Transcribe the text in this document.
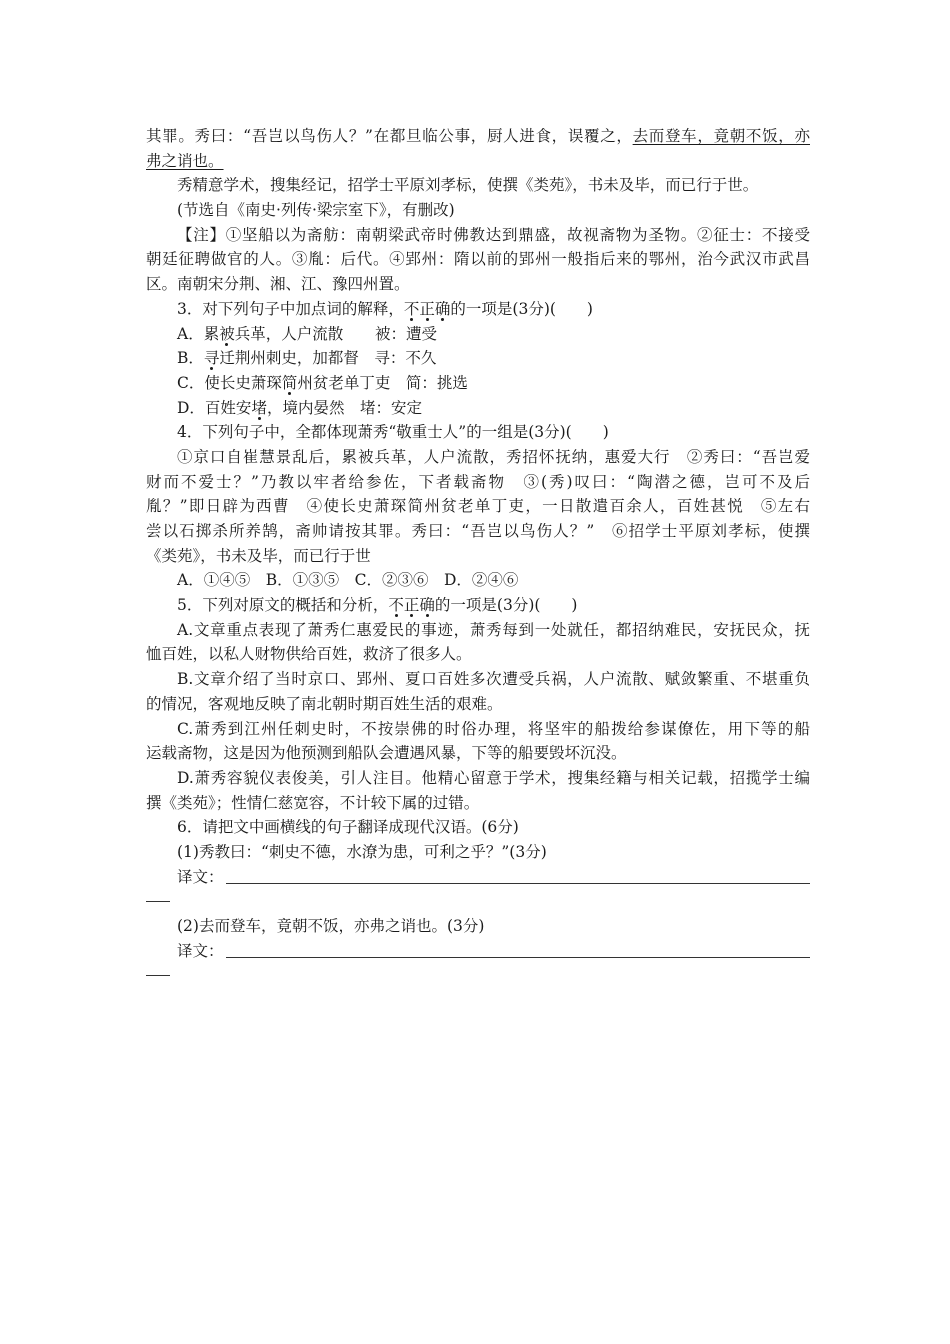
其罪。秀曰：“吾岂以鸟伤人？”在都旦临公事，厨人进食，误覆之，去而登车，竟朝不饭，亦
弗之诮也。
秀精意学术，搜集经记，招学士平原刘孝标，使撰《类苑》，书未及毕，而已行于世。
(节选自《南史·列传·梁宗室下》，有删改)
【注】①坚船以为斋舫：南朝梁武帝时佛教达到鼎盛，故视斋物为圣物。②征士：不接受
朝廷征聘做官的人。③胤：后代。④郢州：隋以前的郢州一般指后来的鄂州，治今武汉市武昌
区。南朝宋分荆、湘、江、豫四州置。
3．对下列句子中加点词的解释，不正确的一项是(3分)(　　)
A．累被兵革，人户流散 被：遭受
B．寻迁荆州刺史，加都督　寻：不久
C．使长史萧琛简州贫老单丁吏　简：挑选
D．百姓安堵，境内晏然　堵：安定
4．下列句子中，全都体现萧秀“敬重士人”的一组是(3分)(　　)
①京口自崔慧景乱后，累被兵革，人户流散，秀招怀抚纳，惠爱大行　②秀曰：“吾岂爱
财而不爱士？”乃教以牢者给参佐，下者载斋物　③(秀)叹曰：“陶潜之德，岂可不及后
胤？”即日辟为西曹　④使长史萧琛简州贫老单丁吏，一日散遣百余人，百姓甚悦　⑤左右
尝以石掷杀所养鹄，斋帅请按其罪。秀曰：“吾岂以鸟伤人？”　⑥招学士平原刘孝标，使撰
《类苑》，书未及毕，而已行于世
A．①④⑤　B．①③⑤　C．②③⑥　D．②④⑥
5．下列对原文的概括和分析，不正确的一项是(3分)(　　)
A.文章重点表现了萧秀仁惠爱民的事迹，萧秀每到一处就任，都招纳难民，安抚民众，抚
恤百姓，以私人财物供给百姓，救济了很多人。
B.文章介绍了当时京口、郢州、夏口百姓多次遭受兵祸，人户流散、赋敛繁重、不堪重负
的情况，客观地反映了南北朝时期百姓生活的艰难。
C.萧秀到江州任刺史时，不按崇佛的时俗办理，将坚牢的船拨给参谋僚佐，用下等的船
运载斋物，这是因为他预测到船队会遭遇风暴，下等的船要毁坏沉没。
D.萧秀容貌仪表俊美，引人注目。他精心留意于学术，搜集经籍与相关记载，招揽学士编
撰《类苑》；性情仁慈宽容，不计较下属的过错。
6．请把文中画横线的句子翻译成现代汉语。(6分)
(1)秀教曰：“刺史不德，水潦为患，可利之乎？”(3分)
译文：
(2)去而登车，竟朝不饭，亦弗之诮也。(3分)
译文：
